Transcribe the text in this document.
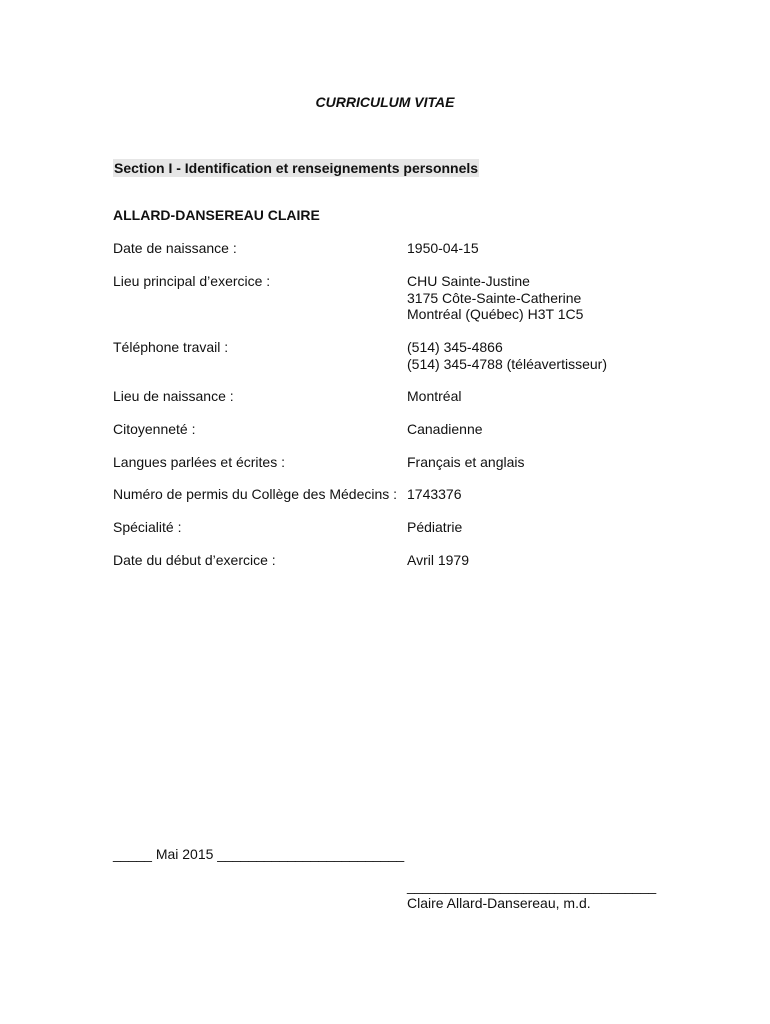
CURRICULUM VITAE
Section I - Identification et renseignements personnels
ALLARD-DANSEREAU CLAIRE
Date de naissance :	1950-04-15
Lieu principal d’exercice :	CHU Sainte-Justine
3175 Côte-Sainte-Catherine
Montréal (Québec) H3T 1C5
Téléphone travail :	(514) 345-4866
(514) 345-4788 (téléavertisseur)
Lieu de naissance :	Montréal
Citoyenneté :	Canadienne
Langues parlées et écrites :	Français et anglais
Numéro de permis du Collège des Médecins : 1743376
Spécialité :	Pédiatrie
Date du début d’exercice :	Avril 1979
_____ Mai 2015 ________________________
________________________________
Claire Allard-Dansereau, m.d.
